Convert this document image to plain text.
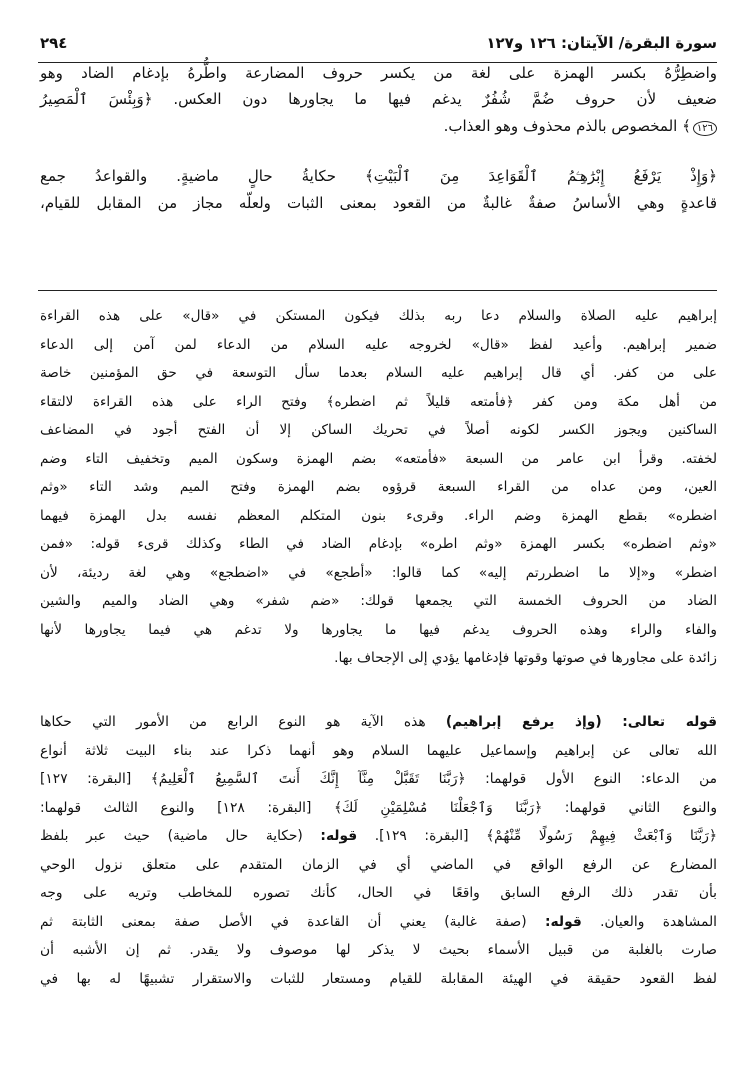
٢٩٤	سورة البقرة/ الآيتان: ١٢٦ و١٢٧
واضطِرُّهُ بكسر الهمزة على لغة من يكسر حروف المضارعة واطُّرهُ بإدغام الضاد وهو
ضعيف لأن حروف ضُمَّ شُفُرٌ يدغم فيها ما يجاورها دون العكس. ﴿وَبِئْسَ ٱلْمَصِيرُ
١٢٦﴾ المخصوص بالذم محذوف وهو العذاب.
﴿وَإِذْ يَرْفَعُ إِبْرَٰهِـۧمُ ٱلْقَوَاعِدَ مِنَ ٱلْبَيْتِ﴾ حكايةُ حالٍ ماضيةٍ. والقواعدُ جمع
قاعدةٍ وهي الأساسُ صفةٌ غالبةٌ من القعود بمعنى الثبات ولعلّه مجاز من المقابل للقيام،
إبراهيم عليه الصلاة والسلام دعا ربه بذلك فيكون المستكن في «قال» على هذه القراءة
ضمير إبراهيم. وأعيد لفظ «قال» لخروجه عليه السلام من الدعاء لمن آمن إلى الدعاء
على من كفر. أي قال إبراهيم عليه السلام بعدما سأل التوسعة في حق المؤمنين خاصة
من أهل مكة ومن كفر ﴿فأمتعه قليلاً ثم اضطره﴾ وفتح الراء على هذه القراءة لالتقاء
الساكنين ويجوز الكسر لكونه أصلاً في تحريك الساكن إلا أن الفتح أجود في المضاعف
لخفته. وقرأ ابن عامر من السبعة «فأمتعه» بضم الهمزة وسكون الميم وتخفيف التاء وضم
العين، ومن عداه من القراء السبعة قرؤوه بضم الهمزة وفتح الميم وشد التاء «وثم
اضطره» بقطع الهمزة وضم الراء. وقرىء بنون المتكلم المعظم نفسه بدل الهمزة فيهما
«وثم اضطره» بكسر الهمزة «وثم اطره» بإدغام الضاد في الطاء وكذلك قرىء قوله: «فمن
اضطر» و«إلا ما اضطررتم إليه» كما قالوا: «أطجع» في «اضطجع» وهي لغة رديئة، لأن
الضاد من الحروف الخمسة التي يجمعها قولك: «ضم شفر» وهي الضاد والميم والشين
والفاء والراء وهذه الحروف يدغم فيها ما يجاورها ولا تدغم هي فيما يجاورها لأنها
زائدة على مجاورها في صوتها وقوتها فإدغامها يؤدي إلى الإجحاف بها.
قوله تعالى: (وإذ يرفع إبراهيم) هذه الآية هو النوع الرابع من الأمور التي حكاها
الله تعالى عن إبراهيم وإسماعيل عليهما السلام وهو أنهما ذكرا عند بناء البيت ثلاثة أنواع
من الدعاء: النوع الأول قولهما: ﴿رَبَّنَا تَقَبَّلْ مِنَّآ إِنَّكَ أَنتَ ٱلسَّمِيعُ ٱلْعَلِيمُ﴾ [البقرة: ١٢٧]
والنوع الثاني قولهما: ﴿رَبَّنَا وَٱجْعَلْنَا مُسْلِمَيْنِ لَكَ﴾ [البقرة: ١٢٨] والنوع الثالث قولهما:
﴿رَبَّنَا وَٱبْعَثْ فِيهِمْ رَسُولًا مِّنْهُمْ﴾ [البقرة: ١٢٩]. قوله: (حكاية حال ماضية) حيث عبر بلفظ
المضارع عن الرفع الواقع في الماضي أي في الزمان المتقدم على متعلق نزول الوحي
بأن تقدر ذلك الرفع السابق واقعًا في الحال، كأنك تصوره للمخاطب وتريه على وجه
المشاهدة والعيان. قوله: (صفة غالبة) يعني أن القاعدة في الأصل صفة بمعنى الثابتة ثم
صارت بالغلبة من قبيل الأسماء بحيث لا يذكر لها موصوف ولا يقدر. ثم إن الأشبه أن
لفظ القعود حقيقة في الهيئة المقابلة للقيام ومستعار للثبات والاستقرار تشبيهًا له بها في
